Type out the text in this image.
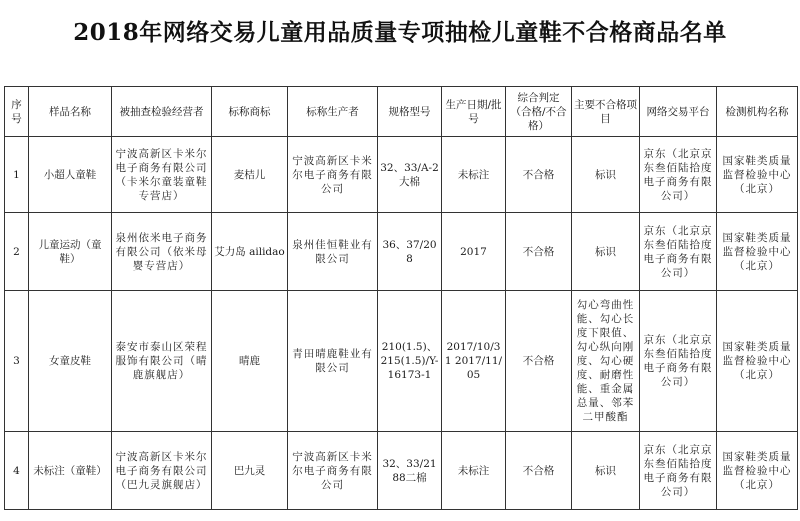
2018年网络交易儿童用品质量专项抽检儿童鞋不合格商品名单
序号	样品名称	被抽查检验经营者	标称商标	标称生产者	规格型号	生产日期/批号	综合判定（合格/不合格）	主要不合格项目	网络交易平台	检测机构名称
1	小超人童鞋	宁波高新区卡米尔电子商务有限公司（卡米尔童装童鞋专营店）	麦桔儿	宁波高新区卡米尔电子商务有限公司	32、33/A-2大棉	未标注	不合格	标识	京东（北京京东叁佰陆拾度电子商务有限公司）	国家鞋类质量监督检验中心（北京）
2	儿童运动（童鞋）	泉州依米电子商务有限公司（依米母婴专营店）	艾力岛 ailidao	泉州佳恒鞋业有限公司	36、37/208	2017	不合格	标识	京东（北京京东叁佰陆拾度电子商务有限公司）	国家鞋类质量监督检验中心（北京）
3	女童皮鞋	泰安市泰山区荣程服饰有限公司（晴鹿旗舰店）	晴鹿	青田晴鹿鞋业有限公司	210(1.5)、215(1.5)/Y-16173-1	2017/10/31 2017/11/05	不合格	勾心弯曲性能、勾心长度下限值、勾心纵向刚度、勾心硬度、耐磨性能、重金属总量、邻苯二甲酸酯	京东（北京京东叁佰陆拾度电子商务有限公司）	国家鞋类质量监督检验中心（北京）
4	未标注（童鞋）	宁波高新区卡米尔电子商务有限公司（巴九灵旗舰店）	巴九灵	宁波高新区卡米尔电子商务有限公司	32、33/2188二棉	未标注	不合格	标识	京东（北京京东叁佰陆拾度电子商务有限公司）	国家鞋类质量监督检验中心（北京）
